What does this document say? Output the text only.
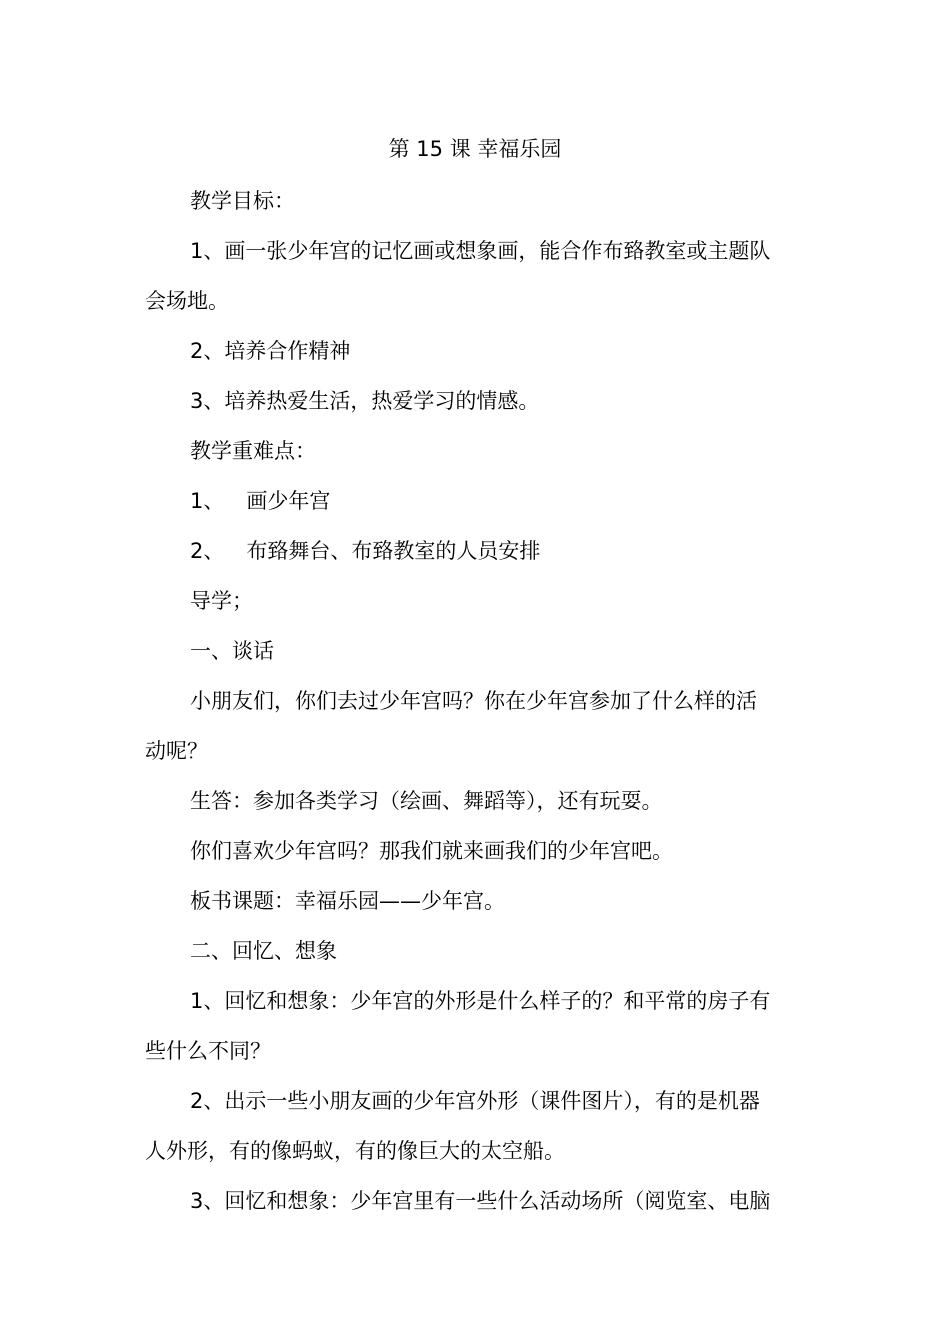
第 15 课 幸福乐园
教学目标：
1、画一张少年宫的记忆画或想象画，能合作布臵教室或主题队
会场地。
2、培养合作精神
3、培养热爱生活，热爱学习的情感。
教学重难点：
1、 画少年宫
2、 布臵舞台、布臵教室的人员安排
导学；
一、谈话
小朋友们，你们去过少年宫吗？你在少年宫参加了什么样的活
动呢？
生答：参加各类学习（绘画、舞蹈等），还有玩耍。
你们喜欢少年宫吗？那我们就来画我们的少年宫吧。
板书课题：幸福乐园——少年宫。
二、回忆、想象
1、回忆和想象：少年宫的外形是什么样子的？和平常的房子有
些什么不同？
2、出示一些小朋友画的少年宫外形（课件图片），有的是机器
人外形，有的像蚂蚁，有的像巨大的太空船。
3、回忆和想象：少年宫里有一些什么活动场所（阅览室、电脑
